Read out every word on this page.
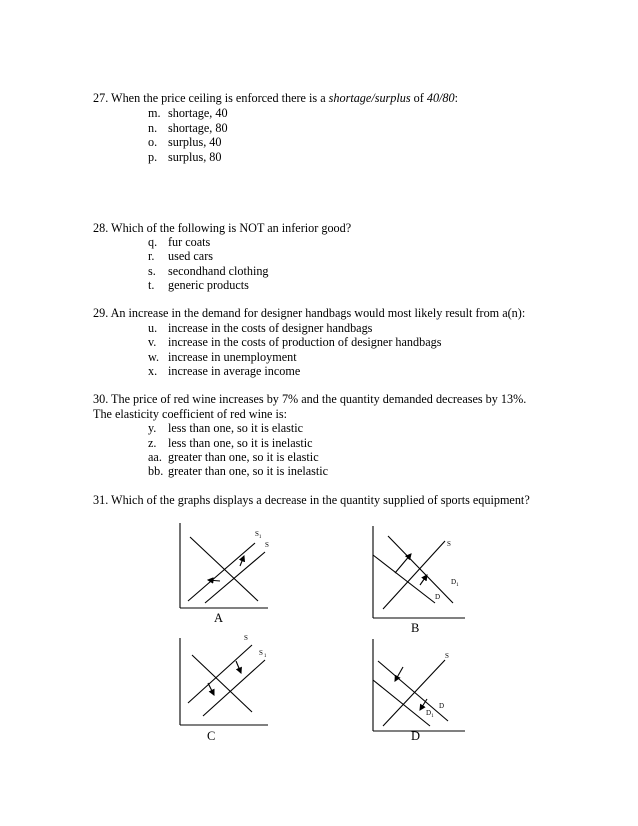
27. When the price ceiling is enforced there is a shortage/surplus of 40/80:
m. shortage, 40
n. shortage, 80
o. surplus, 40
p. surplus, 80
28. Which of the following is NOT an inferior good?
q. fur coats
r. used cars
s. secondhand clothing
t. generic products
29. An increase in the demand for designer handbags would most likely result from a(n):
u. increase in the costs of designer handbags
v. increase in the costs of production of designer handbags
w. increase in unemployment
x. increase in average income
30. The price of red wine increases by 7% and the quantity demanded decreases by 13%.
The elasticity coefficient of red wine is:
y. less than one, so it is elastic
z. less than one, so it is inelastic
aa. greater than one, so it is elastic
bb. greater than one, so it is inelastic
31. Which of the graphs displays a decrease in the quantity supplied of sports equipment?
$S_1$
S
A
S
$D_1$
D
B
S
$S_1$
C
S
D
$D_1$
D
